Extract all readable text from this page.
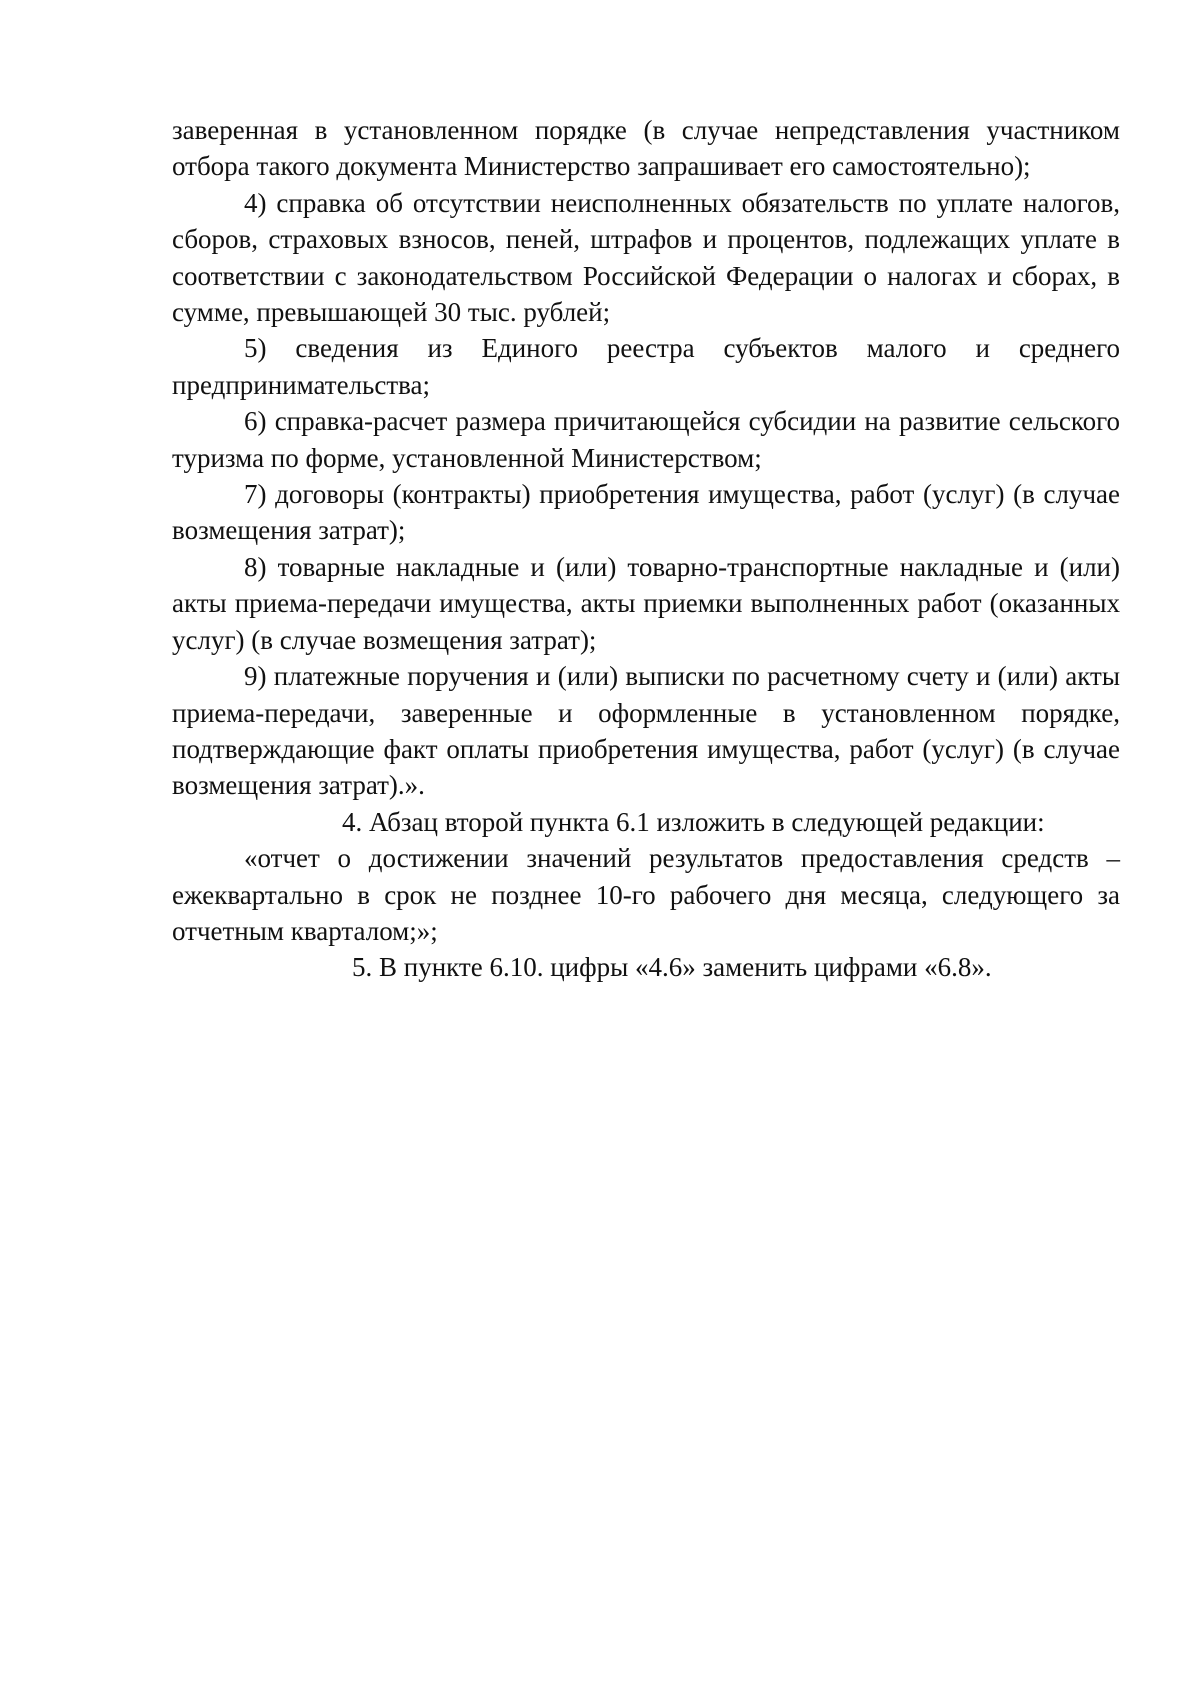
заверенная в установленном порядке (в случае непредставления участником отбора такого документа Министерство запрашивает его самостоятельно);

4) справка об отсутствии неисполненных обязательств по уплате налогов, сборов, страховых взносов, пеней, штрафов и процентов, подлежащих уплате в соответствии с законодательством Российской Федерации о налогах и сборах, в сумме, превышающей 30 тыс. рублей;

5) сведения из Единого реестра субъектов малого и среднего предпринимательства;

6) справка-расчет размера причитающейся субсидии на развитие сельского туризма по форме, установленной Министерством;

7) договоры (контракты) приобретения имущества, работ (услуг) (в случае возмещения затрат);

8) товарные накладные и (или) товарно-транспортные накладные и (или) акты приема-передачи имущества, акты приемки выполненных работ (оказанных услуг) (в случае возмещения затрат);

9) платежные поручения и (или) выписки по расчетному счету и (или) акты приема-передачи, заверенные и оформленные в установленном порядке, подтверждающие факт оплаты приобретения имущества, работ (услуг) (в случае возмещения затрат).».

4. Абзац второй пункта 6.1 изложить в следующей редакции:

«отчет о достижении значений результатов предоставления средств – ежеквартально в срок не позднее 10-го рабочего дня месяца, следующего за отчетным кварталом;»;

5. В пункте 6.10. цифры «4.6» заменить цифрами «6.8».
